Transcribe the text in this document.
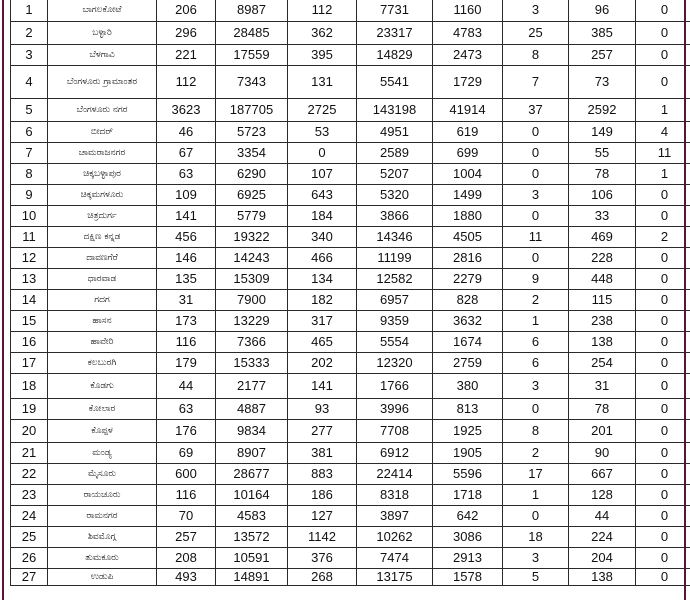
1	ಬಾಗಲಕೋಟೆ	206	8987	112	7731	1160	3	96	0
2	ಬಳ್ಳಾರಿ	296	28485	362	23317	4783	25	385	0
3	ಬೆಳಗಾವಿ	221	17559	395	14829	2473	8	257	0
4	ಬೆಂಗಳೂರು ಗ್ರಾಮಾಂತರ	112	7343	131	5541	1729	7	73	0
5	ಬೆಂಗಳೂರು ನಗರ	3623	187705	2725	143198	41914	37	2592	1
6	ಬೀದರ್	46	5723	53	4951	619	0	149	4
7	ಚಾಮರಾಜನಗರ	67	3354	0	2589	699	0	55	11
8	ಚಿಕ್ಕಬಳ್ಳಾಪುರ	63	6290	107	5207	1004	0	78	1
9	ಚಿಕ್ಕಮಗಳೂರು	109	6925	643	5320	1499	3	106	0
10	ಚಿತ್ರದುರ್ಗ	141	5779	184	3866	1880	0	33	0
11	ದಕ್ಷಿಣ ಕನ್ನಡ	456	19322	340	14346	4505	11	469	2
12	ದಾವಣಗೆರೆ	146	14243	466	11199	2816	0	228	0
13	ಧಾರವಾಡ	135	15309	134	12582	2279	9	448	0
14	ಗದಗ	31	7900	182	6957	828	2	115	0
15	ಹಾಸನ	173	13229	317	9359	3632	1	238	0
16	ಹಾವೇರಿ	116	7366	465	5554	1674	6	138	0
17	ಕಲಬುರಗಿ	179	15333	202	12320	2759	6	254	0
18	ಕೊಡಗು	44	2177	141	1766	380	3	31	0
19	ಕೋಲಾರ	63	4887	93	3996	813	0	78	0
20	ಕೊಪ್ಪಳ	176	9834	277	7708	1925	8	201	0
21	ಮಂಡ್ಯ	69	8907	381	6912	1905	2	90	0
22	ಮೈಸೂರು	600	28677	883	22414	5596	17	667	0
23	ರಾಯಚೂರು	116	10164	186	8318	1718	1	128	0
24	ರಾಮನಗರ	70	4583	127	3897	642	0	44	0
25	ಶಿವಮೊಗ್ಗ	257	13572	1142	10262	3086	18	224	0
26	ತುಮಕೂರು	208	10591	376	7474	2913	3	204	0
27	ಉಡುಪಿ	493	14891	268	13175	1578	5	138	0
